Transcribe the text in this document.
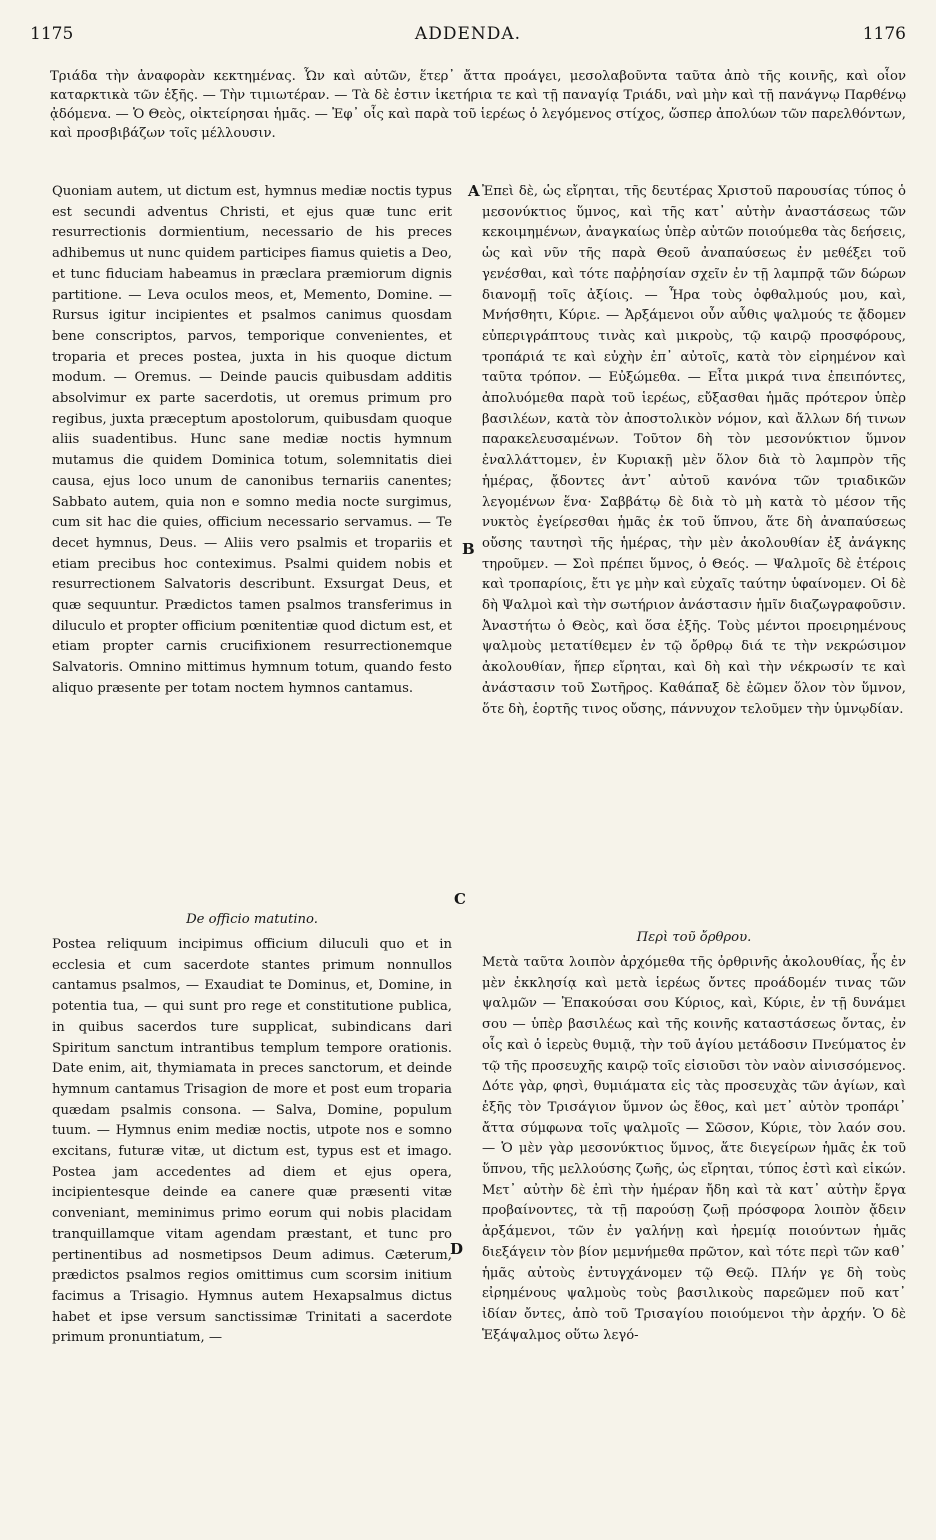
1175	ADDENDA.	1176
Τριάδα τὴν ἀναφορὰν κεκτημένας. Ὧν καὶ αὐτῶν, ἕτερ᾽ ἄττα προάγει, μεσολαβοῦντα ταῦτα ἀπὸ τῆς κοινῆς, καὶ οἷον καταρκτικὰ τῶν ἑξῆς. — Τὴν τιμιωτέραν. — Τὰ δὲ ἐστιν ἱκετήρια τε καὶ τῇ παναγίᾳ Τριάδι, ναὶ μὴν καὶ τῇ πανάγνῳ Παρθένῳ ᾀδόμενα. — Ὁ Θεὸς, οἰκτείρησαι ἡμᾶς. — Ἐφ᾽ οἷς καὶ παρὰ τοῦ ἱερέως ὁ λεγόμενος στίχος, ὥσπερ ἀπολύων τῶν παρελθόντων, καὶ προσβιβάζων τοῖς μέλλουσιν.
A
B
C
D

Quoniam autem, ut dictum est, hymnus mediæ noctis typus est secundi adventus Christi, et ejus quæ tunc erit resurrectionis dormientium, necessario de his preces adhibemus ut nunc quidem participes fiamus quietis a Deo, et tunc fiduciam habeamus in præclara præmiorum dignis partitione. — Leva oculos meos, et, Memento, Domine. — Rursus igitur incipientes et psalmos canimus quosdam bene conscriptos, parvos, temporique convenientes, et troparia et preces postea, juxta in his quoque dictum modum. — Oremus. — Deinde paucis quibusdam additis absolvimur ex parte sacerdotis, ut oremus primum pro regibus, juxta præceptum apostolorum, quibusdam quoque aliis suadentibus. Hunc sane mediæ noctis hymnum mutamus die quidem Dominica totum, solemnitatis diei causa, ejus loco unum de canonibus ternariis canentes; Sabbato autem, quia non e somno media nocte surgimus, cum sit hac die quies, officium necessario servamus. — Te decet hymnus, Deus. — Aliis vero psalmis et tropariis et etiam precibus hoc conteximus. Psalmi quidem nobis et resurrectionem Salvatoris describunt. Exsurgat Deus, et quæ sequuntur. Prædictos tamen psalmos transferimus in diluculo et propter officium pœnitentiæ quod dictum est, et etiam propter carnis crucifixionem resurrectionemque Salvatoris. Omnino mittimus hymnum totum, quando festo aliquo præsente per totam noctem hymnos cantamus.

Ἐπεὶ δὲ, ὡς εἴρηται, τῆς δευτέρας Χριστοῦ παρουσίας τύπος ὁ μεσονύκτιος ὕμνος, καὶ τῆς κατ᾽ αὐτὴν ἀναστάσεως τῶν κεκοιμημένων, ἀναγκαίως ὑπὲρ αὐτῶν ποιούμεθα τὰς δεήσεις, ὡς καὶ νῦν τῆς παρὰ Θεοῦ ἀναπαύσεως ἐν μεθέξει τοῦ γενέσθαι, καὶ τότε παῤῥησίαν σχεῖν ἐν τῇ λαμπρᾷ τῶν δώρων διανομῇ τοῖς ἀξίοις. — Ἦρα τοὺς ὀφθαλμούς μου, καὶ, Μνήσθητι, Κύριε. — Ἀρξάμενοι οὖν αὖθις ψαλμούς τε ᾄδομεν εὐπεριγράπτους τινὰς καὶ μικροὺς, τῷ καιρῷ προσφόρους, τροπάριά τε καὶ εὐχὴν ἐπ᾽ αὐτοῖς, κατὰ τὸν εἰρημένον καὶ ταῦτα τρόπον. — Εὐξώμεθα. — Εἶτα μικρά τινα ἐπειπόντες, ἀπολυόμεθα παρὰ τοῦ ἱερέως, εὔξασθαι ἡμᾶς πρότερον ὑπὲρ βασιλέων, κατὰ τὸν ἀποστολικὸν νόμον, καὶ ἄλλων δή τινων παρακελευσαμένων. Τοῦτον δὴ τὸν μεσονύκτιον ὕμνον ἐναλλάττομεν, ἐν Κυριακῇ μὲν ὅλον διὰ τὸ λαμπρὸν τῆς ἡμέρας, ᾄδοντες ἀντ᾽ αὐτοῦ κανόνα τῶν τριαδικῶν λεγομένων ἕνα· Σαββάτῳ δὲ διὰ τὸ μὴ κατὰ τὸ μέσον τῆς νυκτὸς ἐγείρεσθαι ἡμᾶς ἐκ τοῦ ὕπνου, ἅτε δὴ ἀναπαύσεως οὔσης ταυτησὶ τῆς ἡμέρας, τὴν μὲν ἀκολουθίαν ἐξ ἀνάγκης τηροῦμεν. — Σοὶ πρέπει ὕμνος, ὁ Θεός. — Ψαλμοῖς δὲ ἑτέροις καὶ τροπαρίοις, ἔτι γε μὴν καὶ εὐχαῖς ταύτην ὑφαίνομεν. Οἱ δὲ δὴ Ψαλμοὶ καὶ τὴν σωτήριον ἀνάστασιν ἡμῖν διαζωγραφοῦσιν. Ἀναστήτω ὁ Θεὸς, καὶ ὅσα ἑξῆς. Τοὺς μέντοι προειρημένους ψαλμοὺς μετατίθεμεν ἐν τῷ ὄρθρῳ διά τε τὴν νεκρώσιμον ἀκολουθίαν, ἥπερ εἴρηται, καὶ δὴ καὶ τὴν νέκρωσίν τε καὶ ἀνάστασιν τοῦ Σωτῆρος. Καθάπαξ δὲ ἐῶμεν ὅλον τὸν ὕμνον, ὅτε δὴ, ἑορτῆς τινος οὔσης, πάννυχον τελοῦμεν τὴν ὑμνῳδίαν.

De officio matutino.

Περὶ τοῦ ὄρθρου.

Postea reliquum incipimus officium diluculi quo et in ecclesia et cum sacerdote stantes primum nonnullos cantamus psalmos, — Exaudiat te Dominus, et, Domine, in potentia tua, — qui sunt pro rege et constitutione publica, in quibus sacerdos ture supplicat, subindicans dari Spiritum sanctum intrantibus templum tempore orationis. Date enim, ait, thymiamata in preces sanctorum, et deinde hymnum cantamus Trisagion de more et post eum troparia quædam psalmis consona. — Salva, Domine, populum tuum. — Hymnus enim mediæ noctis, utpote nos e somno excitans, futuræ vitæ, ut dictum est, typus est et imago. Postea jam accedentes ad diem et ejus opera, incipientesque deinde ea canere quæ præsenti vitæ conveniant, meminimus primo eorum qui nobis placidam tranquillamque vitam agendam præstant, et tunc pro pertinentibus ad nosmetipsos Deum adimus. Cæterum, prædictos psalmos regios omittimus cum scorsim initium facimus a Trisagio. Hymnus autem Hexapsalmus dictus habet et ipse versum sanctissimæ Trinitati a sacerdote primum pronuntiatum, —

Μετὰ ταῦτα λοιπὸν ἀρχόμεθα τῆς ὀρθρινῆς ἀκολουθίας, ἧς ἐν μὲν ἐκκλησίᾳ καὶ μετὰ ἱερέως ὄντες προάδομέν τινας τῶν ψαλμῶν — Ἐπακούσαι σου Κύριος, καὶ, Κύριε, ἐν τῇ δυνάμει σου — ὑπὲρ βασιλέως καὶ τῆς κοινῆς καταστάσεως ὄντας, ἐν οἷς καὶ ὁ ἱερεὺς θυμιᾷ, τὴν τοῦ ἁγίου μετάδοσιν Πνεύματος ἐν τῷ τῆς προσευχῆς καιρῷ τοῖς εἰσιοῦσι τὸν ναὸν αἰνισσόμενος. Δότε γὰρ, φησὶ, θυμιάματα εἰς τὰς προσευχὰς τῶν ἁγίων, καὶ ἑξῆς τὸν Τρισάγιον ὕμνον ὡς ἔθος, καὶ μετ᾽ αὐτὸν τροπάρι᾽ ἄττα σύμφωνα τοῖς ψαλμοῖς — Σῶσον, Κύριε, τὸν λαόν σου. — Ὁ μὲν γὰρ μεσονύκτιος ὕμνος, ἅτε διεγείρων ἡμᾶς ἐκ τοῦ ὕπνου, τῆς μελλούσης ζωῆς, ὡς εἴρηται, τύπος ἐστὶ καὶ εἰκών. Μετ᾽ αὐτὴν δὲ ἐπὶ τὴν ἡμέραν ἤδη καὶ τὰ κατ᾽ αὐτὴν ἔργα προβαίνοντες, τὰ τῇ παρούσῃ ζωῇ πρόσφορα λοιπὸν ᾄδειν ἀρξάμενοι, τῶν ἐν γαλήνῃ καὶ ἠρεμίᾳ ποιούντων ἡμᾶς διεξάγειν τὸν βίον μεμνήμεθα πρῶτον, καὶ τότε περὶ τῶν καθ᾽ ἡμᾶς αὐτοὺς ἐντυγχάνομεν τῷ Θεῷ. Πλήν γε δὴ τοὺς εἰρημένους ψαλμοὺς τοὺς βασιλικοὺς παρεῶμεν ποῦ κατ᾽ ἰδίαν ὄντες, ἀπὸ τοῦ Τρισαγίου ποιούμενοι τὴν ἀρχήν. Ὁ δὲ Ἑξάψαλμος οὕτω λεγό-
